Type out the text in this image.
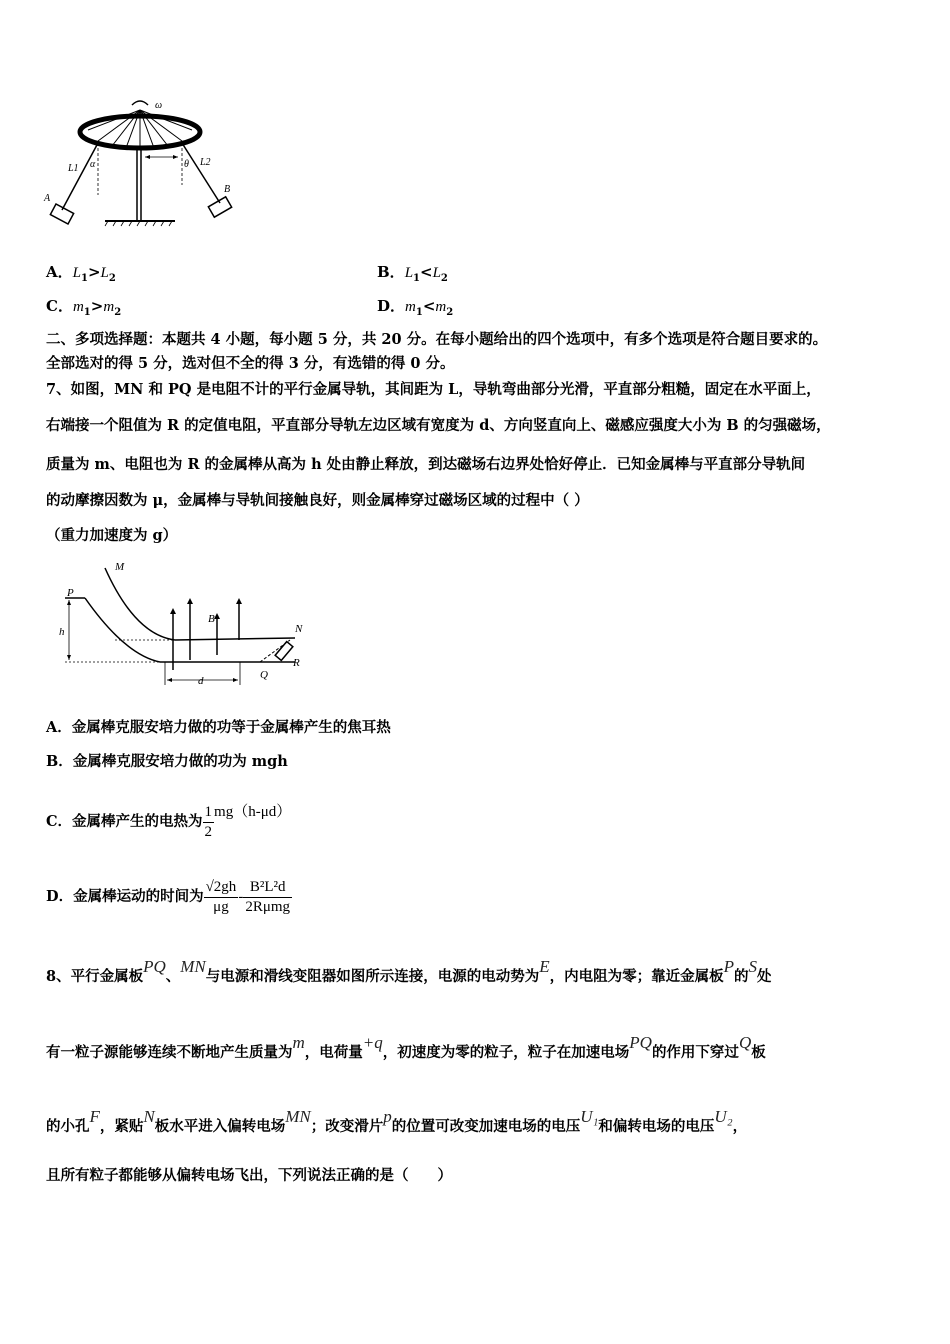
ω
L1 α	θ L2
A
B
A．$L_1>L_2$	B．$L_1<L_2$
C．$m_1>m_2$	D．$m_1<m_2$
二、多项选择题：本题共 4 小题，每小题 5 分，共 20 分。在每小题给出的四个选项中，有多个选项是符合题目要求的。
全部选对的得 5 分，选对但不全的得 3 分，有选错的得 0 分。
7、如图，MN 和 PQ 是电阻不计的平行金属导轨，其间距为 L，导轨弯曲部分光滑，平直部分粗糙，固定在水平面上，
右端接一个阻值为 R 的定值电阻，平直部分导轨左边区域有宽度为 d、方向竖直向上、磁感应强度大小为 B 的匀强磁场，
质量为 m、电阻也为 R 的金属棒从高为 h 处由静止释放，到达磁场右边界处恰好停止．已知金属棒与平直部分导轨间
的动摩擦因数为 μ，金属棒与导轨间接触良好，则金属棒穿过磁场区域的过程中（ ）
（重力加速度为 g）
P
M
N
Q
B
h
d
R
A．金属棒克服安培力做的功等于金属棒产生的焦耳热
B．金属棒克服安培力做的功为 mgh
C．金属棒产生的电热为 $\frac{1}{2} mg(h-\mu d)$
D．金属棒运动的时间为 $\frac{√2gh}{\mu g} - \frac{\text{B²L²d}}{\text{2Rμmg}}$
8、平行金属板PQ、MN与电源和滑线变阻器如图所示连接，电源的电动势为E，内电阻为零；靠近金属板P的S处
有一粒子源能够连续不断地产生质量为m，电荷量+q，初速度为零的粒子，粒子在加速电场PQ的作用下穿过Q板
的小孔F，紧贴N板水平进入偏转电场MN；改变滑片p的位置可改变加速电场的电压U₁和偏转电场的电压U₂，
且所有粒子都能够从偏转电场飞出，下列说法正确的是（　　）
